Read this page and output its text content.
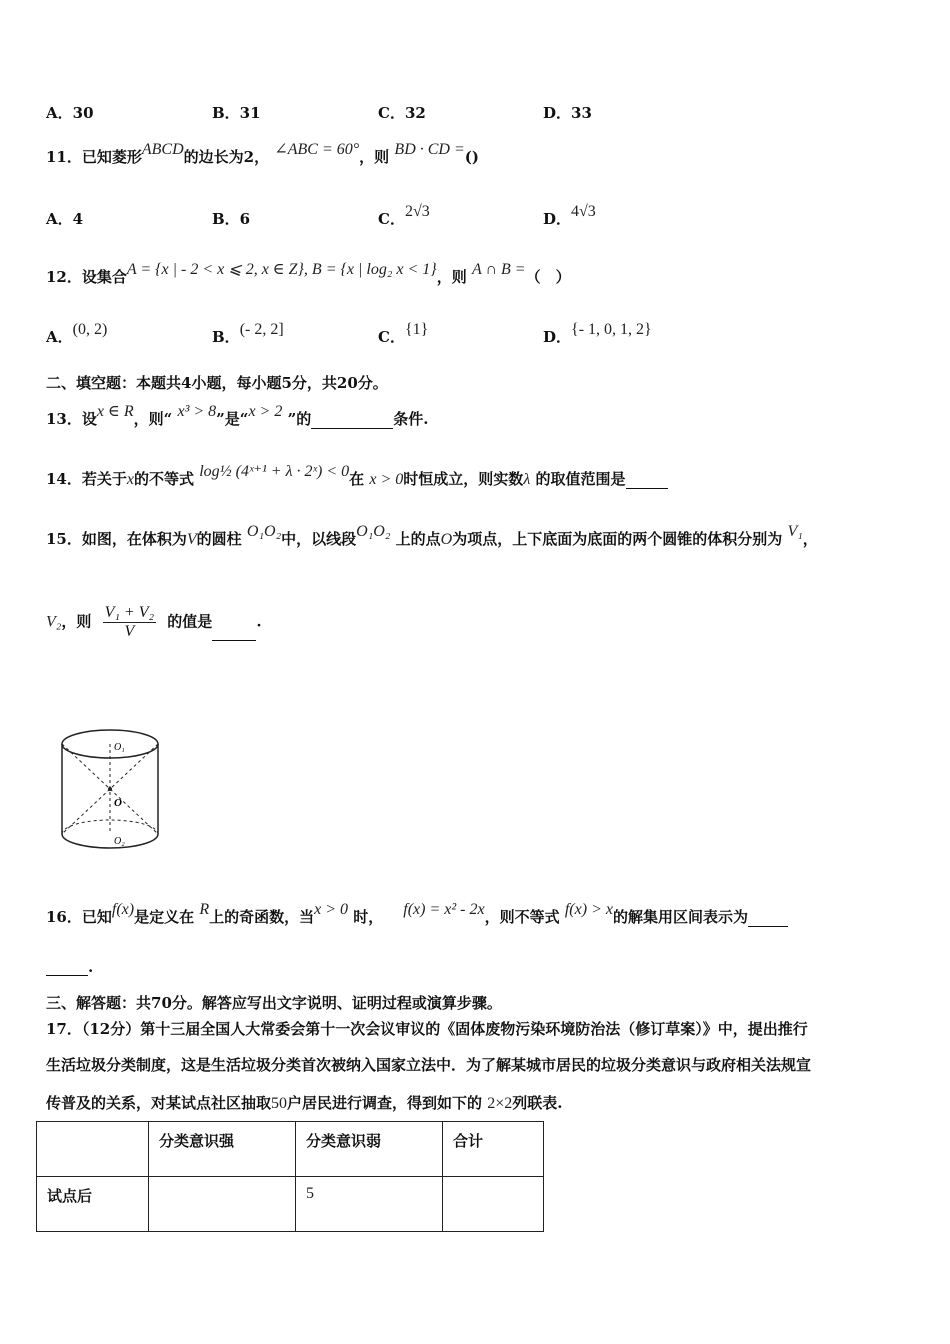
A．30	B．31	C．32	D．33
11．已知菱形ABCD的边长为2， ∠ABC = 60°，则 BD · CD =()
A．4	B．6	C．2√3	D．4√3
12．设集合A = {x | - 2 < x ⩽ 2, x ∈ Z}, B = {x | log₂ x < 1}，则 A ∩ B =（　）
A．(0, 2)	B．(- 2, 2]	C．{1}	D．{- 1, 0, 1, 2}
二、填空题：本题共4小题，每小题5分，共20分。
13．设x ∈ R，则“ x³ > 8”是“x > 2 ”的	条件.
14．若关于x的不等式 log½ (4ˣ⁺¹ + λ · 2ˣ) < 0在 x > 0时恒成立，则实数λ 的取值范围是
15．如图，在体积为V的圆柱 O₁O₂中，以线段O₁O₂ 上的点O为项点，上下底面为底面的两个圆锥的体积分别为 V₁，
V₂，则 $\frac{\text{V₁ + V₂}}{V}$ 的值是	.
O₁
O
O₂
16．已知f(x)是定义在 R上的奇函数，当x > 0 时， f(x) = x² - 2x，则不等式 f(x) > x的解集用区间表示为
.
三、解答题：共70分。解答应写出文字说明、证明过程或演算步骤。
17．（12分）第十三届全国人大常委会第十一次会议审议的《固体废物污染环境防治法（修订草案）》中，提出推行
生活垃圾分类制度，这是生活垃圾分类首次被纳入国家立法中．为了解某城市居民的垃圾分类意识与政府相关法规宣
传普及的关系，对某试点社区抽取50户居民进行调查，得到如下的 2×2列联表.
	分类意识强	分类意识弱	合计
试点后		5	
